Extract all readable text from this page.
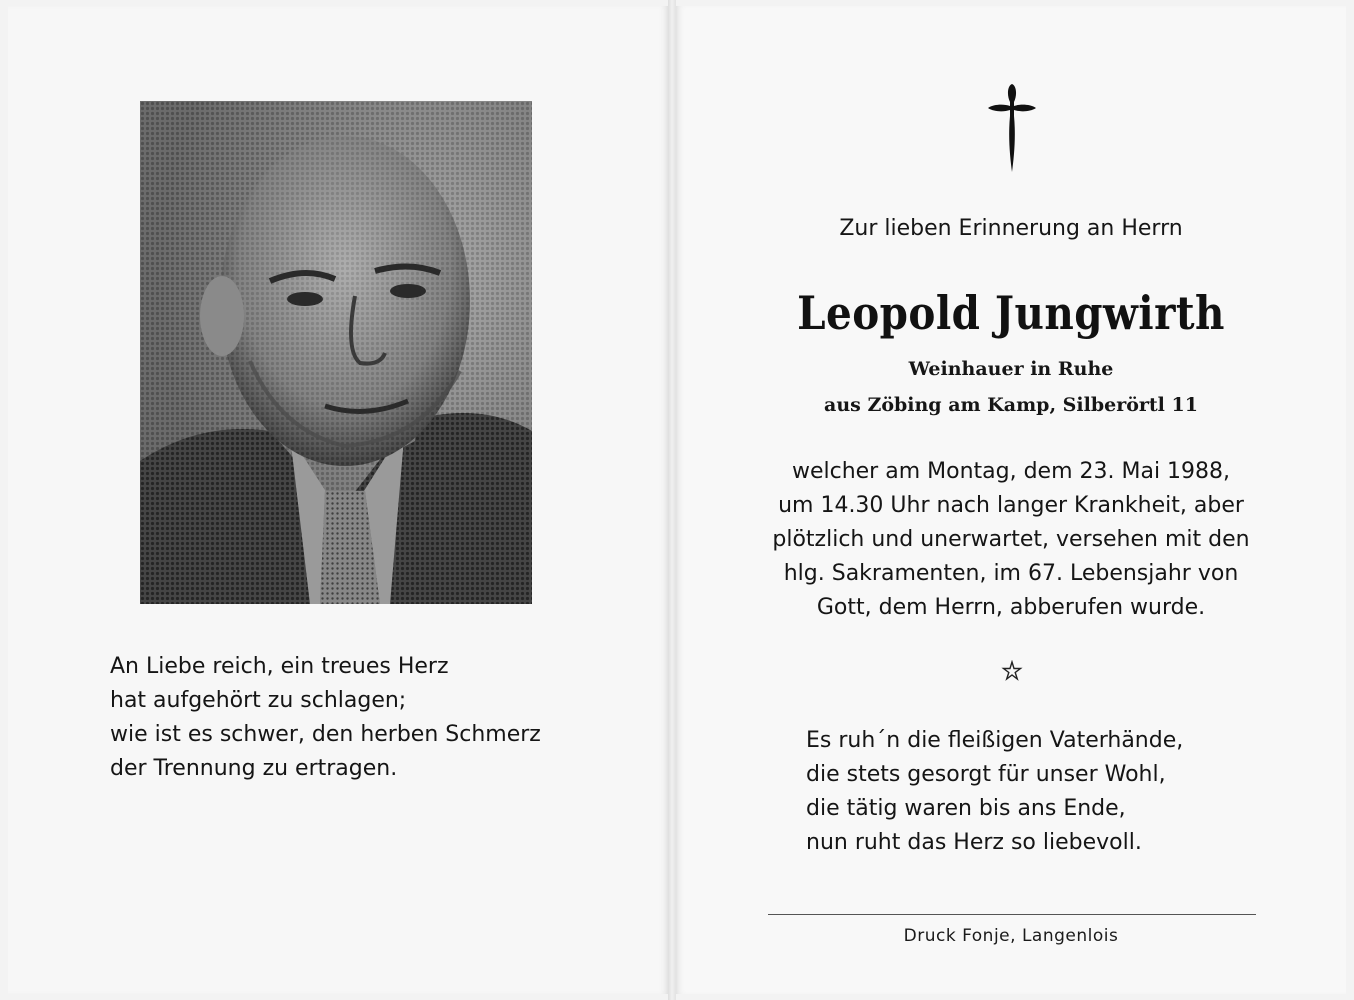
An Liebe reich, ein treues Herz
hat aufgehört zu schlagen;
wie ist es schwer, den herben Schmerz
der Trennung zu ertragen.
Zur lieben Erinnerung an Herrn
Leopold Jungwirth
Weinhauer in Ruhe
aus Zöbing am Kamp, Silberörtl 11
welcher am Montag, dem 23. Mai 1988,
um 14.30 Uhr nach langer Krankheit, aber
plötzlich und unerwartet, versehen mit den
hlg. Sakramenten, im 67. Lebensjahr von
Gott, dem Herrn, abberufen wurde.
Es ruh´n die fleißigen Vaterhände,
die stets gesorgt für unser Wohl,
die tätig waren bis ans Ende,
nun ruht das Herz so liebevoll.
Druck Fonje, Langenlois
